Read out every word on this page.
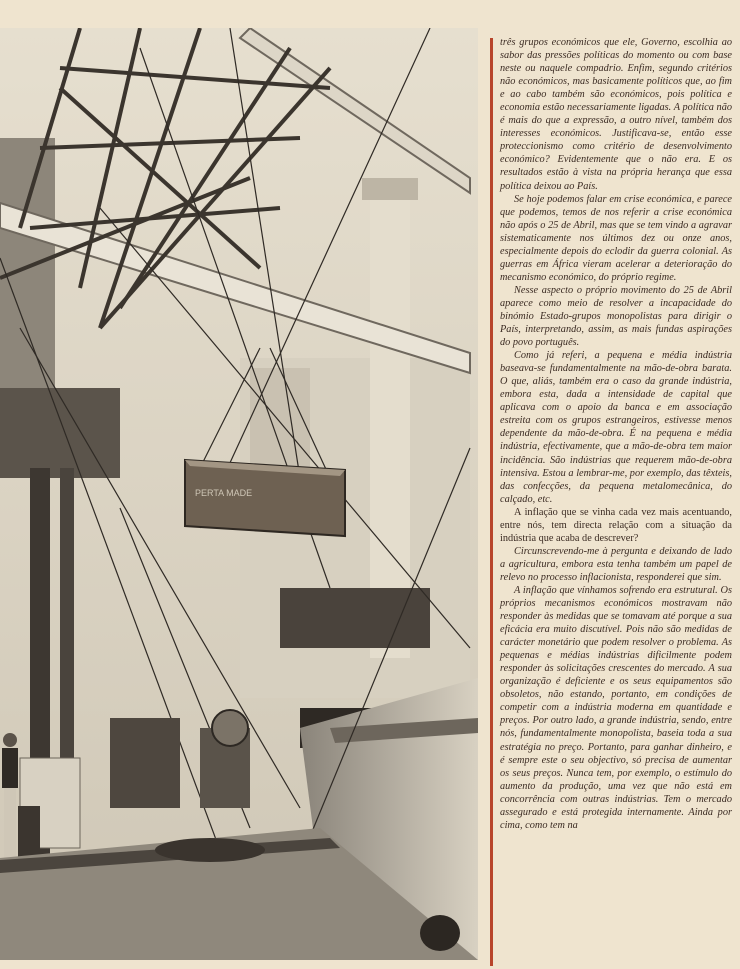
PERTA MADE

três grupos económicos que ele, Governo, escolhia ao sabor das pressões políticas do momento ou com base neste ou naquele compadrio. Enfim, segundo critérios não económicos, mas basicamente políticos que, ao fim e ao cabo também são económicos, pois política e economia estão necessariamente ligadas. A política não é mais do que a expressão, a outro nível, também dos interesses económicos. Justificava-se, então esse proteccionismo como critério de desenvolvimento económico? Evidentemente que o não era. E os resultados estão à vista na própria herança que essa política deixou ao País.

Se hoje podemos falar em crise económica, e parece que podemos, temos de nos referir a crise económica não após o 25 de Abril, mas que se tem vindo a agravar sistematicamente nos últimos dez ou onze anos, especialmente depois do eclodir da guerra colonial. As guerras em África vieram acelerar a deterioração do mecanismo económico, do próprio regime.

Nesse aspecto o próprio movimento do 25 de Abril aparece como meio de resolver a incapacidade do binómio Estado-grupos monopolistas para dirigir o País, interpretando, assim, as mais fundas aspirações do povo português.

Como já referi, a pequena e média indústria baseava-se fundamentalmente na mão-de-obra barata. O que, aliás, também era o caso da grande indústria, embora esta, dada a intensidade de capital que aplicava com o apoio da banca e em associação estreita com os grupos estrangeiros, estivesse menos dependente da mão-de-obra. É na pequena e média indústria, efectivamente, que a mão-de-obra tem maior incidência. São indústrias que requerem mão-de-obra intensiva. Estou a lembrar-me, por exemplo, das têxteis, das confecções, da pequena metalomecânica, do calçado, etc.

A inflação que se vinha cada vez mais acentuando, entre nós, tem directa relação com a situação da indústria que acaba de descrever?

Circunscrevendo-me à pergunta e deixando de lado a agricultura, embora esta tenha também um papel de relevo no processo inflacionista, responderei que sim.

A inflação que vínhamos sofrendo era estrutural. Os próprios mecanismos económicos mostravam não responder às medidas que se tomavam até porque a sua eficácia era muito discutível. Pois não são medidas de carácter monetário que podem resolver o problema. As pequenas e médias indústrias dificilmente podem responder às solicitações crescentes do mercado. A sua organização é deficiente e os seus equipamentos são obsoletos, não estando, portanto, em condições de competir com a indústria moderna em quantidade e preços. Por outro lado, a grande indústria, sendo, entre nós, fundamentalmente monopolista, baseia toda a sua estratégia no preço. Portanto, para ganhar dinheiro, e é sempre este o seu objectivo, só precisa de aumentar os seus preços. Nunca tem, por exemplo, o estímulo do aumento da produção, uma vez que não está em concorrência com outras indústrias. Tem o mercado assegurado e está protegida internamente. Ainda por cima, como tem na
